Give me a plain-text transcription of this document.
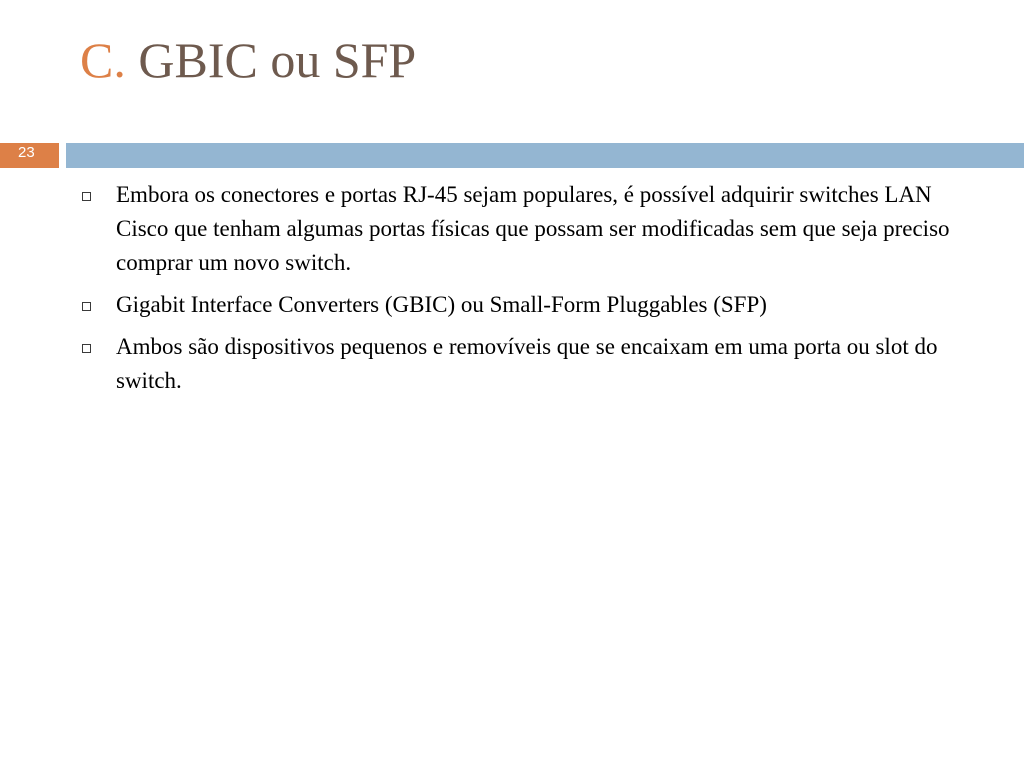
C. GBIC ou SFP
23
Embora os conectores e portas RJ-45 sejam populares, é possível adquirir switches LAN Cisco que tenham algumas portas físicas que possam ser modificadas sem que seja preciso comprar um novo switch.
Gigabit Interface Converters (GBIC) ou Small-Form Pluggables (SFP)
Ambos são dispositivos pequenos e removíveis que se encaixam em uma porta ou slot do switch.
